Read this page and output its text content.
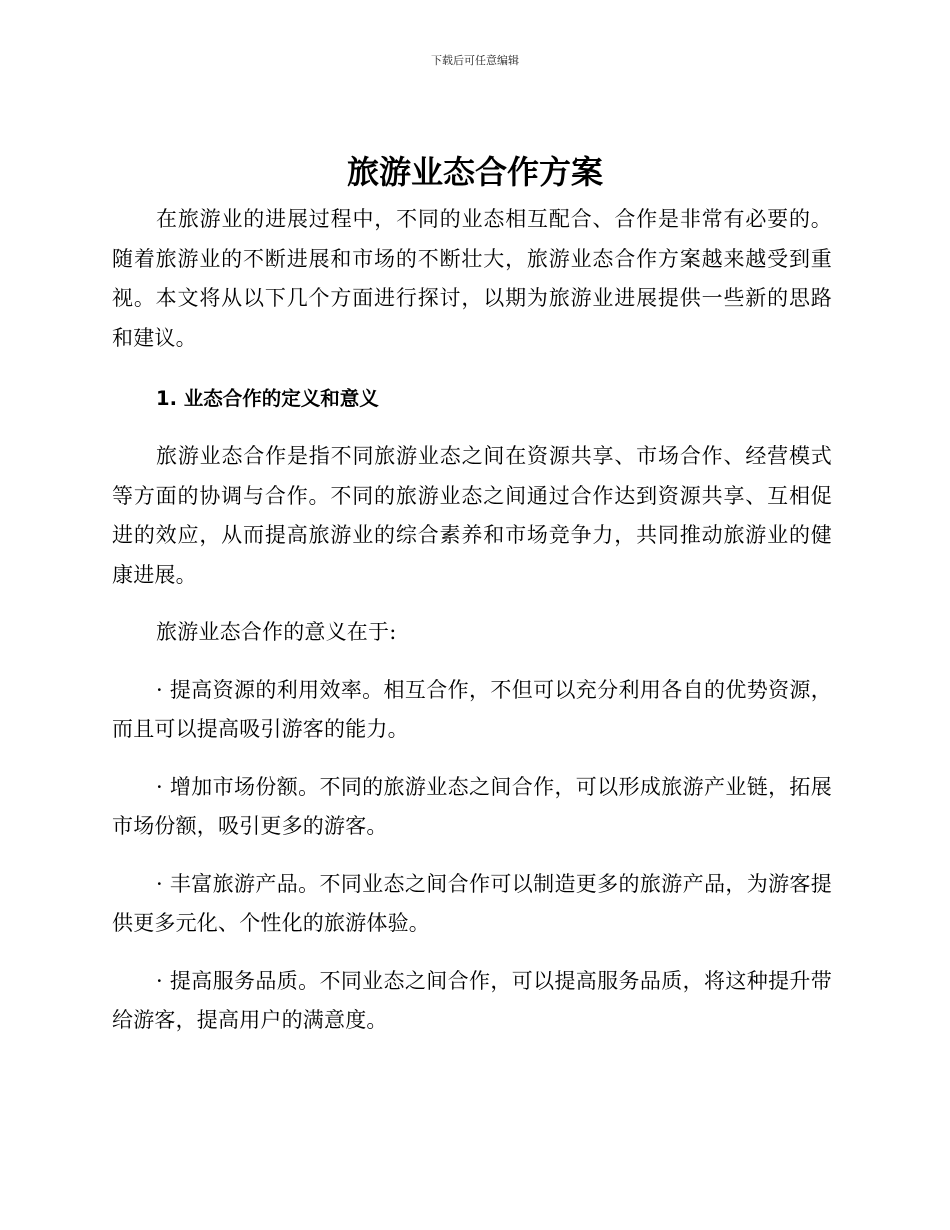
下载后可任意编辑
旅游业态合作方案

在旅游业的进展过程中，不同的业态相互配合、合作是非常有必要的。随着旅游业的不断进展和市场的不断壮大，旅游业态合作方案越来越受到重视。本文将从以下几个方面进行探讨，以期为旅游业进展提供一些新的思路和建议。

1. 业态合作的定义和意义

旅游业态合作是指不同旅游业态之间在资源共享、市场合作、经营模式等方面的协调与合作。不同的旅游业态之间通过合作达到资源共享、互相促进的效应，从而提高旅游业的综合素养和市场竞争力，共同推动旅游业的健康进展。

旅游业态合作的意义在于:

· 提高资源的利用效率。相互合作，不但可以充分利用各自的优势资源，而且可以提高吸引游客的能力。

· 增加市场份额。不同的旅游业态之间合作，可以形成旅游产业链，拓展市场份额，吸引更多的游客。

· 丰富旅游产品。不同业态之间合作可以制造更多的旅游产品，为游客提供更多元化、个性化的旅游体验。

· 提高服务品质。不同业态之间合作，可以提高服务品质，将这种提升带给游客，提高用户的满意度。
